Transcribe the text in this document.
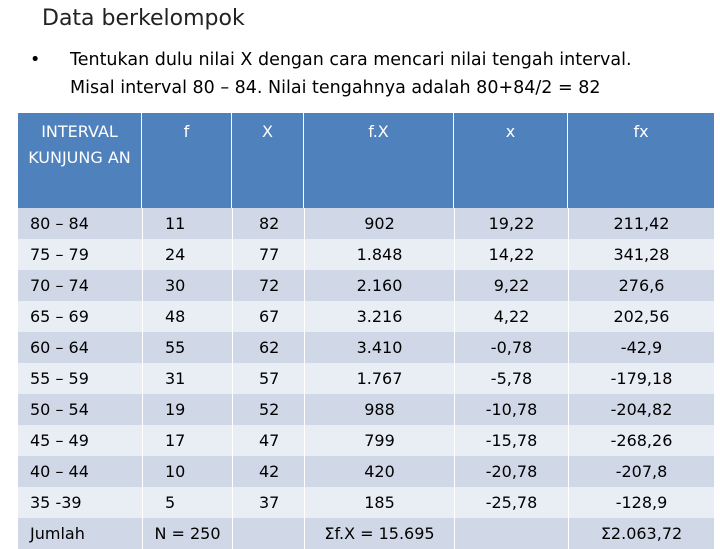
Data berkelompok
• Tentukan dulu nilai X dengan cara mencari nilai tengah interval.
Misal interval 80 – 84. Nilai tengahnya adalah 80+84/2 = 82
INTERVAL KUNJUNG AN	f	X	f.X	x	fx
80 – 84	11	82	902	19,22	211,42
75 – 79	24	77	1.848	14,22	341,28
70 – 74	30	72	2.160	9,22	276,6
65 – 69	48	67	3.216	4,22	202,56
60 – 64	55	62	3.410	-0,78	-42,9
55 – 59	31	57	1.767	-5,78	-179,18
50 – 54	19	52	988	-10,78	-204,82
45 – 49	17	47	799	-15,78	-268,26
40 – 44	10	42	420	-20,78	-207,8
35 -39	5	37	185	-25,78	-128,9
Jumlah	N = 250		Σf.X = 15.695		Σ2.063,72
